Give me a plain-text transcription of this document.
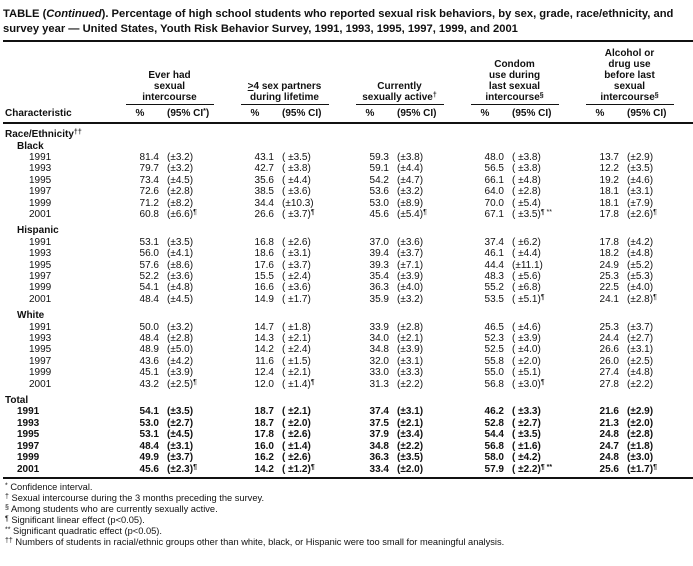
TABLE (Continued). Percentage of high school students who reported sexual risk behaviors, by sex, grade, race/ethnicity, and survey year — United States, Youth Risk Behavior Survey, 1991, 1993, 1995, 1997, 1999, and 2001

	Ever had
sexual
intercourse		>4 sex partners
during lifetime		Currently
sexually active†		Condom
use during
last sexual
intercourse§		Alcohol or
drug use
before last
sexual
intercourse§

Characteristic	%	(95% CI*)	%	(95% CI)	%	(95% CI)	%	(95% CI)	%	(95% CI)
Race/Ethnicity††
Black										
1991	81.4	(±3.2)	43.1	( ±3.5)	59.3	(±3.8)	48.0	( ±3.8)	13.7	(±2.9)
1993	79.7	(±3.2)	42.7	( ±3.8)	59.1	(±4.4)	56.5	( ±3.8)	12.2	(±3.5)
1995	73.4	(±4.5)	35.6	( ±4.4)	54.2	(±4.7)	66.1	( ±4.8)	19.2	(±4.6)
1997	72.6	(±2.8)	38.5	( ±3.6)	53.6	(±3.2)	64.0	( ±2.8)	18.1	(±3.1)
1999	71.2	(±8.2)	34.4	(±10.3)	53.0	(±8.9)	70.0	( ±5.4)	18.1	(±7.9)
2001	60.8	(±6.6)¶	26.6	( ±3.7)¶	45.6	(±5.4)¶	67.1	( ±3.5)¶ **	17.8	(±2.6)¶
Hispanic										
1991	53.1	(±3.5)	16.8	( ±2.6)	37.0	(±3.6)	37.4	( ±6.2)	17.8	(±4.2)
1993	56.0	(±4.1)	18.6	( ±3.1)	39.4	(±3.7)	46.1	( ±4.4)	18.2	(±4.8)
1995	57.6	(±8.6)	17.6	( ±3.7)	39.3	(±7.1)	44.4	(±11.1)	24.9	(±5.2)
1997	52.2	(±3.6)	15.5	( ±2.4)	35.4	(±3.9)	48.3	( ±5.6)	25.3	(±5.3)
1999	54.1	(±4.8)	16.6	( ±3.6)	36.3	(±4.0)	55.2	( ±6.8)	22.5	(±4.0)
2001	48.4	(±4.5)	14.9	( ±1.7)	35.9	(±3.2)	53.5	( ±5.1)¶	24.1	(±2.8)¶
White										
1991	50.0	(±3.2)	14.7	( ±1.8)	33.9	(±2.8)	46.5	( ±4.6)	25.3	(±3.7)
1993	48.4	(±2.8)	14.3	( ±2.1)	34.0	(±2.1)	52.3	( ±3.9)	24.4	(±2.7)
1995	48.9	(±5.0)	14.2	( ±2.4)	34.8	(±3.9)	52.5	( ±4.0)	26.6	(±3.1)
1997	43.6	(±4.2)	11.6	( ±1.5)	32.0	(±3.1)	55.8	( ±2.0)	26.0	(±2.5)
1999	45.1	(±3.9)	12.4	( ±2.1)	33.0	(±3.3)	55.0	( ±5.1)	27.4	(±4.8)
2001	43.2	(±2.5)¶	12.0	( ±1.4)¶	31.3	(±2.2)	56.8	( ±3.0)¶	27.8	(±2.2)
Total										
1991	54.1	(±3.5)	18.7	( ±2.1)	37.4	(±3.1)	46.2	( ±3.3)	21.6	(±2.9)
1993	53.0	(±2.7)	18.7	( ±2.0)	37.5	(±2.1)	52.8	( ±2.7)	21.3	(±2.0)
1995	53.1	(±4.5)	17.8	( ±2.6)	37.9	(±3.4)	54.4	( ±3.5)	24.8	(±2.8)
1997	48.4	(±3.1)	16.0	( ±1.4)	34.8	(±2.2)	56.8	( ±1.6)	24.7	(±1.8)
1999	49.9	(±3.7)	16.2	( ±2.6)	36.3	(±3.5)	58.0	( ±4.2)	24.8	(±3.0)
2001	45.6	(±2.3)¶	14.2	( ±1.2)¶	33.4	(±2.0)	57.9	( ±2.2)¶ **	25.6	(±1.7)¶
* Confidence interval.
† Sexual intercourse during the 3 months preceding the survey.
§ Among students who are currently sexually active.
¶ Significant linear effect (p<0.05).
** Significant quadratic effect (p<0.05).
†† Numbers of students in racial/ethnic groups other than white, black, or Hispanic were too small for meaningful analysis.
